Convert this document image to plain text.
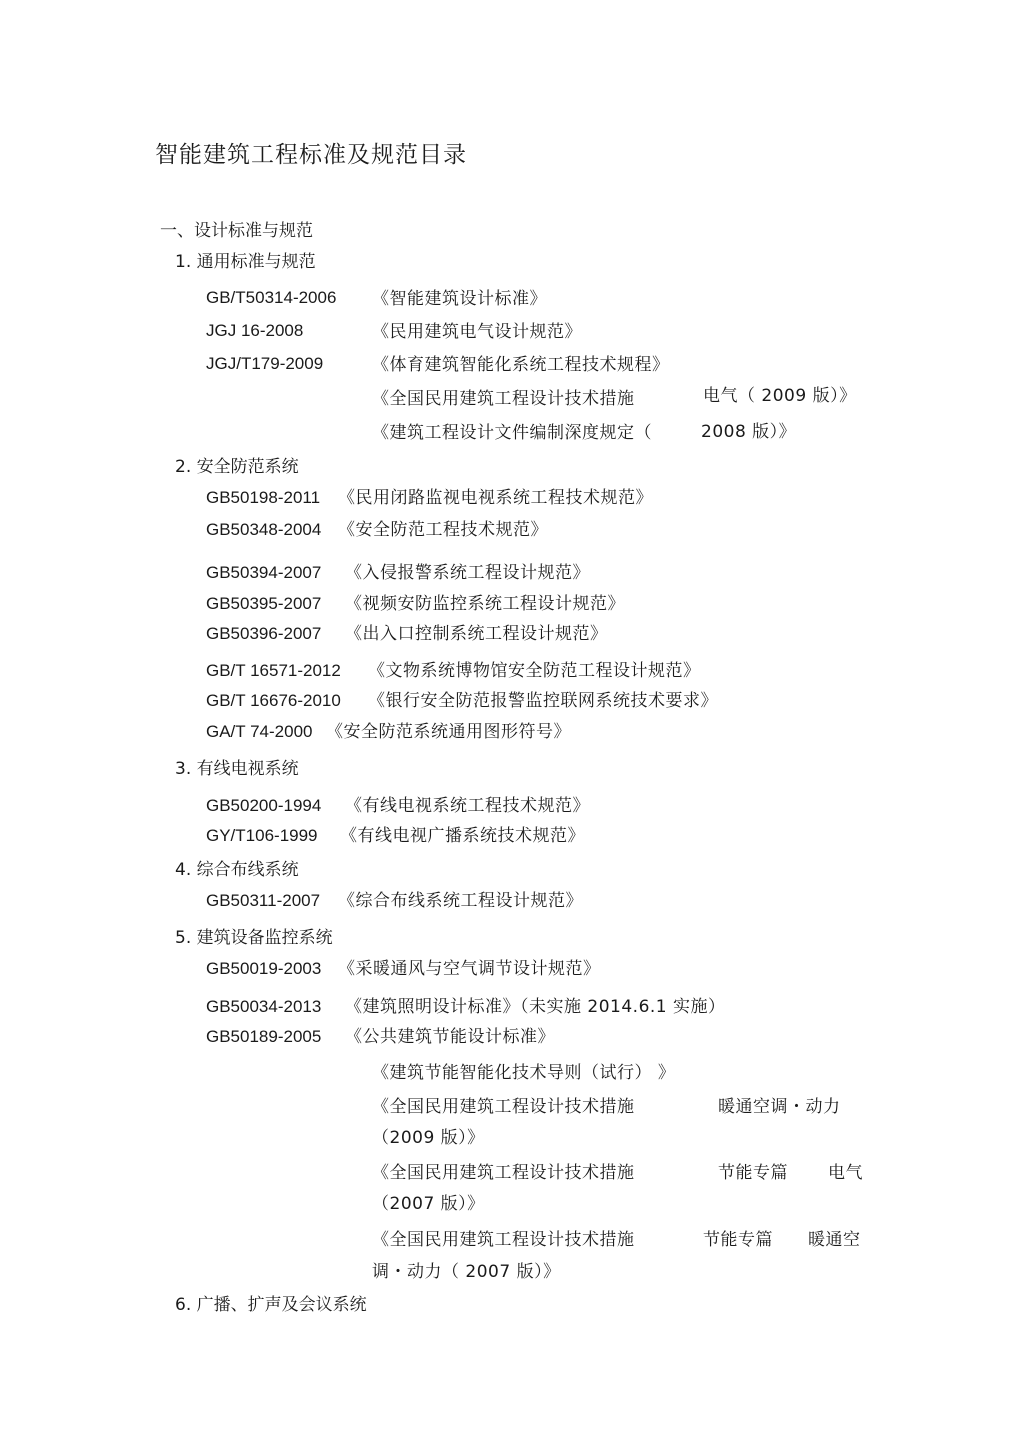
智能建筑工程标准及规范目录
一、设计标准与规范
1. 通用标准与规范
GB/T50314-2006 《智能建筑设计标准》
JGJ 16-2008	《民用建筑电气设计规范》
JGJ/T179-2009	《体育建筑智能化系统工程技术规程》
《全国民用建筑工程设计技术措施	电气（ 2009 版）》
《建筑工程设计文件编制深度规定（	2008 版）》
2. 安全防范系统
GB50198-2011 《民用闭路监视电视系统工程技术规范》
GB50348-2004 《安全防范工程技术规范》
GB50394-2007 《入侵报警系统工程设计规范》
GB50395-2007 《视频安防监控系统工程设计规范》
GB50396-2007 《出入口控制系统工程设计规范》
GB/T 16571-2012 《文物系统博物馆安全防范工程设计规范》
GB/T 16676-2010 《银行安全防范报警监控联网系统技术要求》
GA/T 74-2000 《安全防范系统通用图形符号》
3. 有线电视系统
GB50200-1994 《有线电视系统工程技术规范》
GY/T106-1999 《有线电视广播系统技术规范》
4. 综合布线系统
GB50311-2007 《综合布线系统工程设计规范》
5. 建筑设备监控系统
GB50019-2003 《采暖通风与空气调节设计规范》
GB50034-2013 《建筑照明设计标准》（未实施 2014.6.1 实施）
GB50189-2005 《公共建筑节能设计标准》
《建筑节能智能化技术导则（试行） 》
《全国民用建筑工程设计技术措施	暖通空调・动力
（2009 版）》
《全国民用建筑工程设计技术措施	节能专篇 电气
（2007 版）》
《全国民用建筑工程设计技术措施	节能专篇 暖通空
调・动力（ 2007 版）》
6. 广播、扩声及会议系统
